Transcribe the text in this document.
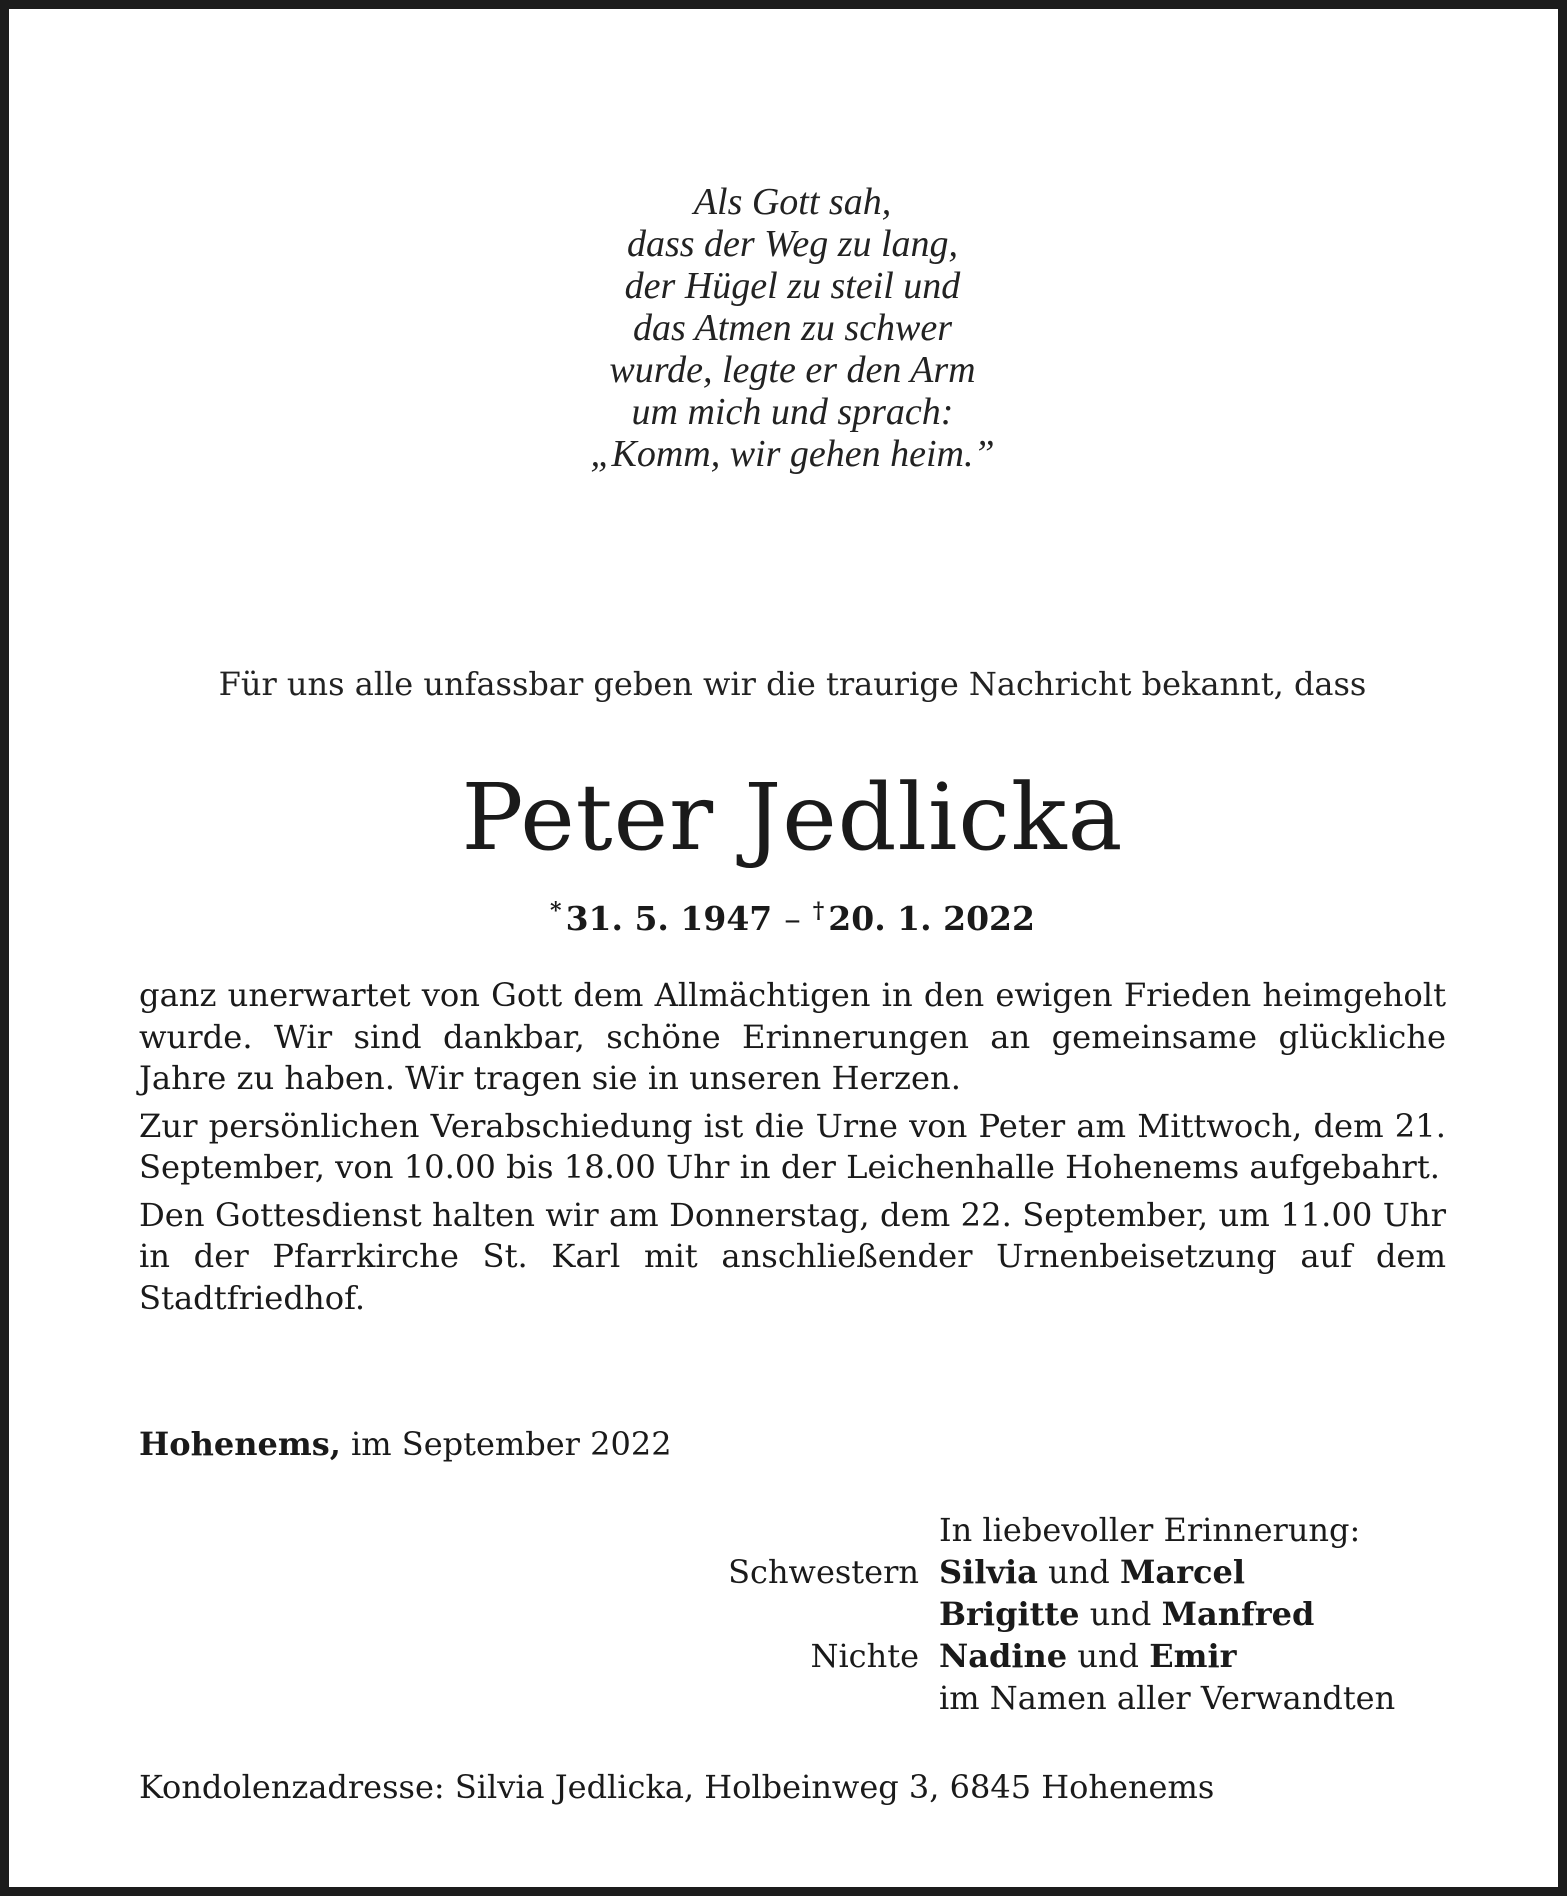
Als Gott sah,
dass der Weg zu lang,
der Hügel zu steil und
das Atmen zu schwer
wurde, legte er den Arm
um mich und sprach:
„Komm, wir gehen heim.”
Für uns alle unfassbar geben wir die traurige Nachricht bekannt, dass
Peter Jedlicka
* 31. 5. 1947 – † 20. 1. 2022

ganz unerwartet von Gott dem Allmächtigen in den ewigen Frieden heimgeholt wurde. Wir sind dankbar, schöne Erinnerungen an gemeinsame glückliche Jahre zu haben. Wir tragen sie in unseren Herzen.

Zur persönlichen Verabschiedung ist die Urne von Peter am Mittwoch, dem 21. September, von 10.00 bis 18.00 Uhr in der Leichenhalle Hohenems aufgebahrt.

Den Gottesdienst halten wir am Donnerstag, dem 22. September, um 11.00 Uhr in der Pfarrkirche St. Karl mit anschließender Urnenbeisetzung auf dem Stadtfriedhof.

Hohenems, im September 2022
In liebevoller Erinnerung:
Schwestern Silvia und Marcel
Brigitte und Manfred
Nichte Nadine und Emir
im Namen aller Verwandten
Kondolenzadresse: Silvia Jedlicka, Holbeinweg 3, 6845 Hohenems
